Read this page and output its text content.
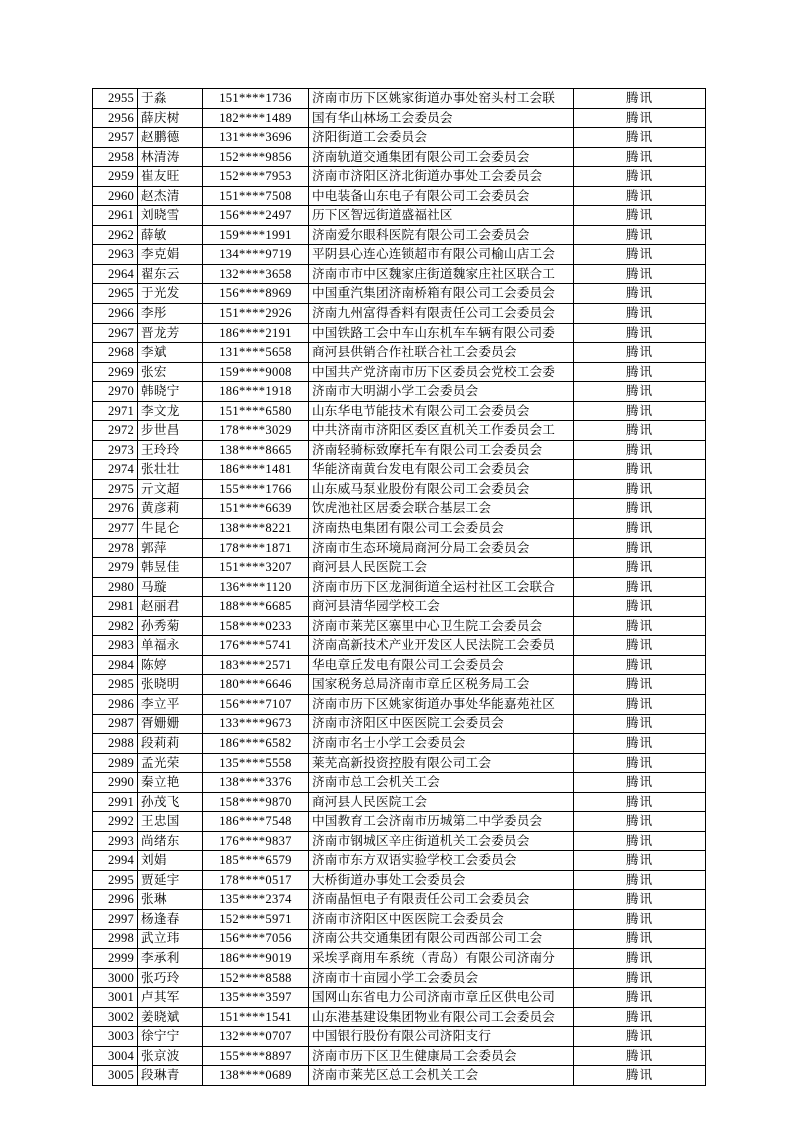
2955	于淼	151****1736	济南市历下区姚家街道办事处窑头村工会联	腾讯
2956	薛庆树	182****1489	国有华山林场工会委员会	腾讯
2957	赵鹏德	131****3696	济阳街道工会委员会	腾讯
2958	林清涛	152****9856	济南轨道交通集团有限公司工会委员会	腾讯
2959	崔友旺	152****7953	济南市济阳区济北街道办事处工会委员会	腾讯
2960	赵杰清	151****7508	中电装备山东电子有限公司工会委员会	腾讯
2961	刘晓雪	156****2497	历下区智远街道盛福社区	腾讯
2962	薛敏	159****1991	济南爱尔眼科医院有限公司工会委员会	腾讯
2963	李克娟	134****9719	平阴县心连心连锁超市有限公司榆山店工会	腾讯
2964	翟东云	132****3658	济南市市中区魏家庄街道魏家庄社区联合工	腾讯
2965	于光发	156****8969	中国重汽集团济南桥箱有限公司工会委员会	腾讯
2966	李彤	151****2926	济南九州富得香料有限责任公司工会委员会	腾讯
2967	晋龙芳	186****2191	中国铁路工会中车山东机车车辆有限公司委	腾讯
2968	李斌	131****5658	商河县供销合作社联合社工会委员会	腾讯
2969	张宏	159****9008	中国共产党济南市历下区委员会党校工会委	腾讯
2970	韩晓宁	186****1918	济南市大明湖小学工会委员会	腾讯
2971	李文龙	151****6580	山东华电节能技术有限公司工会委员会	腾讯
2972	步世昌	178****3029	中共济南市济阳区委区直机关工作委员会工	腾讯
2973	王玲玲	138****8665	济南轻骑标致摩托车有限公司工会委员会	腾讯
2974	张壮壮	186****1481	华能济南黄台发电有限公司工会委员会	腾讯
2975	亓文超	155****1766	山东威马泵业股份有限公司工会委员会	腾讯
2976	黄彦莉	151****6639	饮虎池社区居委会联合基层工会	腾讯
2977	牛昆仑	138****8221	济南热电集团有限公司工会委员会	腾讯
2978	郭萍	178****1871	济南市生态环境局商河分局工会委员会	腾讯
2979	韩昱佳	151****3207	商河县人民医院工会	腾讯
2980	马璇	136****1120	济南市历下区龙洞街道全运村社区工会联合	腾讯
2981	赵丽君	188****6685	商河县清华园学校工会	腾讯
2982	孙秀菊	158****0233	济南市莱芜区寨里中心卫生院工会委员会	腾讯
2983	单福永	176****5741	济南高新技术产业开发区人民法院工会委员	腾讯
2984	陈婷	183****2571	华电章丘发电有限公司工会委员会	腾讯
2985	张晓明	180****6646	国家税务总局济南市章丘区税务局工会	腾讯
2986	李立平	156****7107	济南市历下区姚家街道办事处华能嘉苑社区	腾讯
2987	胥姗姗	133****9673	济南市济阳区中医医院工会委员会	腾讯
2988	段莉莉	186****6582	济南市名士小学工会委员会	腾讯
2989	孟光荣	135****5558	莱芜高新投资控股有限公司工会	腾讯
2990	秦立艳	138****3376	济南市总工会机关工会	腾讯
2991	孙茂飞	158****9870	商河县人民医院工会	腾讯
2992	王忠国	186****7548	中国教育工会济南市历城第二中学委员会	腾讯
2993	尚绪东	176****9837	济南市钢城区辛庄街道机关工会委员会	腾讯
2994	刘娟	185****6579	济南市东方双语实验学校工会委员会	腾讯
2995	贾延宇	178****0517	大桥街道办事处工会委员会	腾讯
2996	张琳	135****2374	济南晶恒电子有限责任公司工会委员会	腾讯
2997	杨逢春	152****5971	济南市济阳区中医医院工会委员会	腾讯
2998	武立玮	156****7056	济南公共交通集团有限公司西部公司工会	腾讯
2999	李承利	186****9019	采埃孚商用车系统（青岛）有限公司济南分	腾讯
3000	张巧玲	152****8588	济南市十亩园小学工会委员会	腾讯
3001	卢其军	135****3597	国网山东省电力公司济南市章丘区供电公司	腾讯
3002	姜晓斌	151****1541	山东港基建设集团物业有限公司工会委员会	腾讯
3003	徐宁宁	132****0707	中国银行股份有限公司济阳支行	腾讯
3004	张京波	155****8897	济南市历下区卫生健康局工会委员会	腾讯
3005	段琳青	138****0689	济南市莱芜区总工会机关工会	腾讯
